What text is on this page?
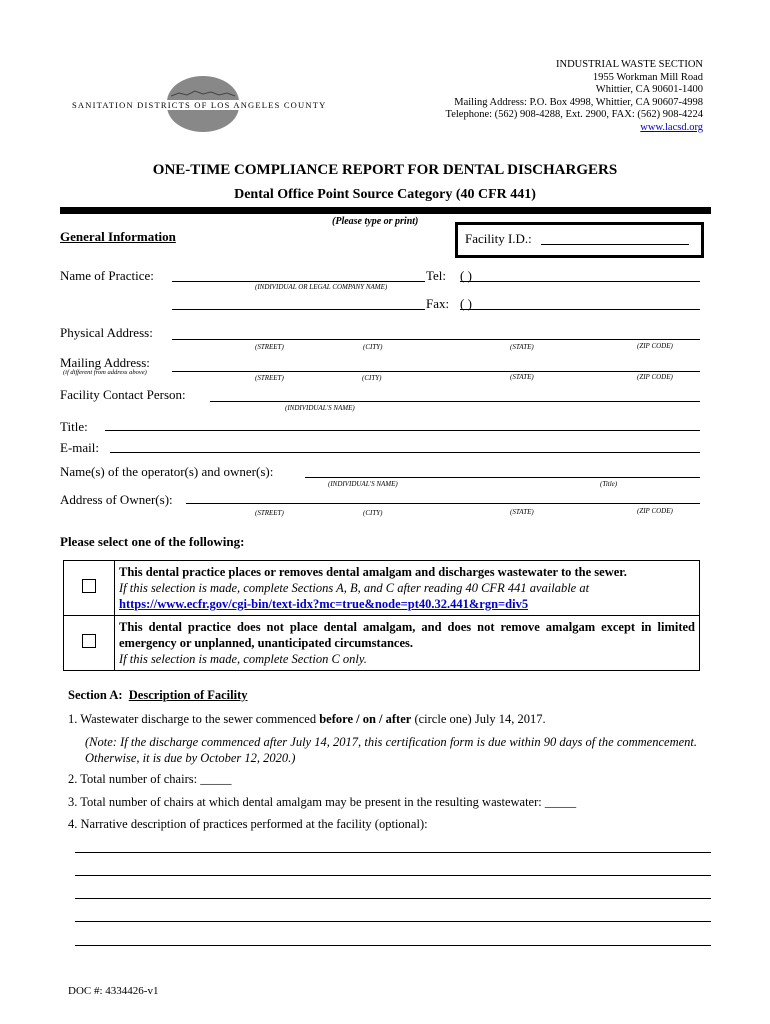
SANITATION DISTRICTS OF LOS ANGELES COUNTY
INDUSTRIAL WASTE SECTION
1955 Workman Mill Road
Whittier, CA 90601-1400
Mailing Address: P.O. Box 4998, Whittier, CA 90607-4998
Telephone: (562) 908-4288, Ext. 2900, FAX: (562) 908-4224
www.lacsd.org
ONE-TIME COMPLIANCE REPORT FOR DENTAL DISCHARGERS
Dental Office Point Source Category (40 CFR 441)
(Please type or print)
General Information	Facility I.D.:
Name of Practice:
(INDIVIDUAL OR LEGAL COMPANY NAME)
Tel: ( )
Fax: ( )
Physical Address:
(STREET)	(CITY)	(STATE)	(ZIP CODE)
Mailing Address:
(if different from address above)
(STREET)	(CITY)	(STATE)	(ZIP CODE)
Facility Contact Person:
(INDIVIDUAL'S NAME)
Title:
E-mail:
Name(s) of the operator(s) and owner(s):
(INDIVIDUAL'S NAME)	(Title)
Address of Owner(s):
(STREET)	(CITY)	(STATE)	(ZIP CODE)
Please select one of the following:

	This dental practice places or removes dental amalgam and discharges wastewater to the sewer.
If this selection is made, complete Sections A, B, and C after reading 40 CFR 441 available at
https://www.ecfr.gov/cgi-bin/text-idx?mc=true&node=pt40.32.441&rgn=div5

	This dental practice does not place dental amalgam, and does not remove amalgam except in limited emergency or unplanned, unanticipated circumstances.
If this selection is made, complete Section C only.
Section A: Description of Facility
1. Wastewater discharge to the sewer commenced before / on / after (circle one) July 14, 2017.
(Note: If the discharge commenced after July 14, 2017, this certification form is due within 90 days of the commencement. Otherwise, it is due by October 12, 2020.)
2. Total number of chairs: _____
3. Total number of chairs at which dental amalgam may be present in the resulting wastewater: _____
4. Narrative description of practices performed at the facility (optional):
DOC #: 4334426-v1
